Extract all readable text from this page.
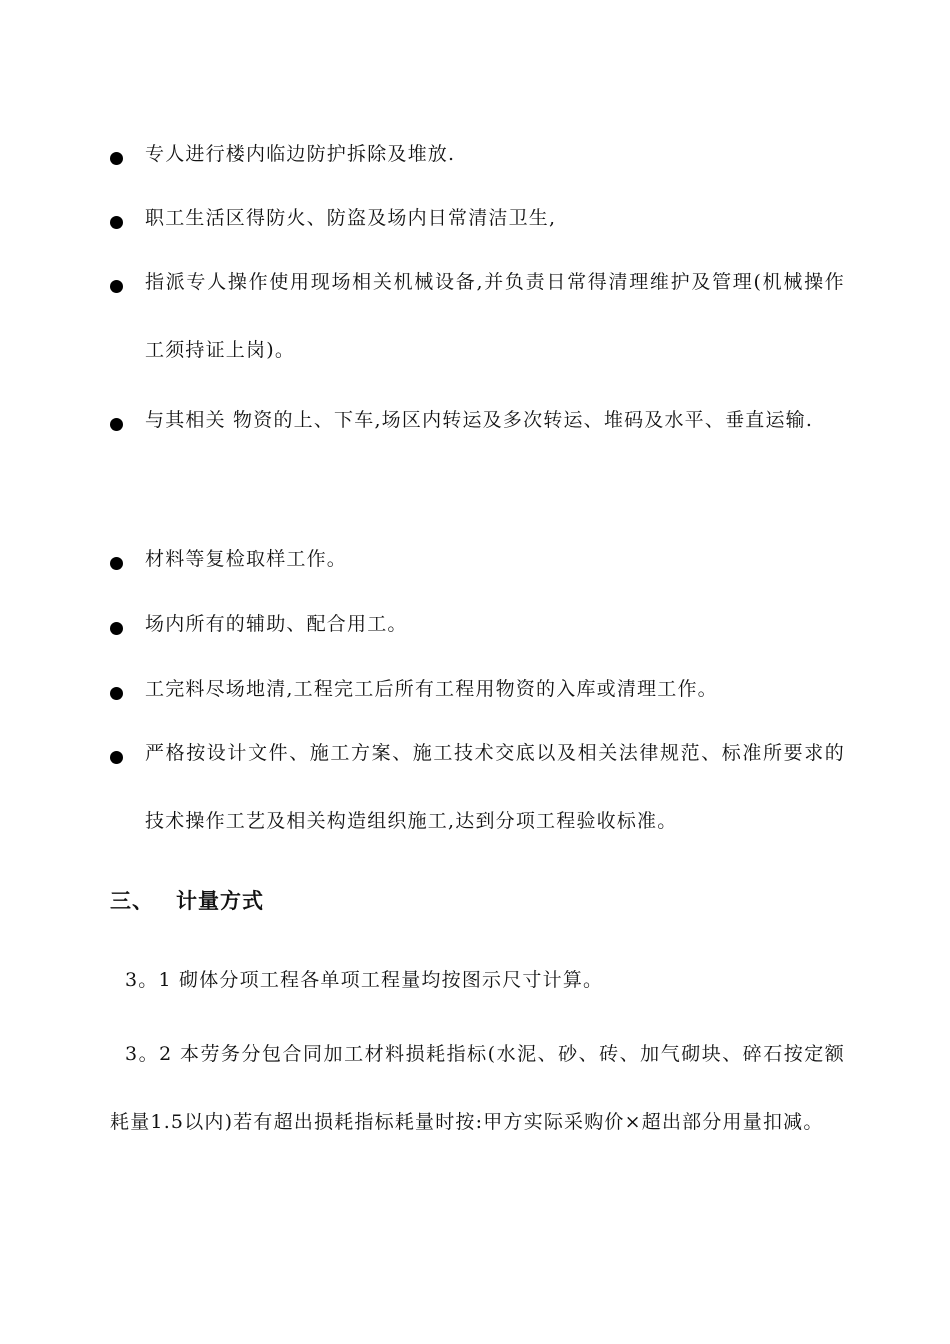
专人进行楼内临边防护拆除及堆放.
职工生活区得防火、防盗及场内日常清洁卫生,
指派专人操作使用现场相关机械设备,并负责日常得清理维护及管理(机械操作工须持证上岗)。
与其相关 物资的上、下车,场区内转运及多次转运、堆码及水平、垂直运输.
材料等复检取样工作。
场内所有的辅助、配合用工。
工完料尽场地清,工程完工后所有工程用物资的入库或清理工作。
严格按设计文件、施工方案、施工技术交底以及相关法律规范、标准所要求的技术操作工艺及相关构造组织施工,达到分项工程验收标准。
三、 计量方式
3。1 砌体分项工程各单项工程量均按图示尺寸计算。
3。2 本劳务分包合同加工材料损耗指标(水泥、砂、砖、加气砌块、碎石按定额耗量1.5以内)若有超出损耗指标耗量时按:甲方实际采购价×超出部分用量扣减。
